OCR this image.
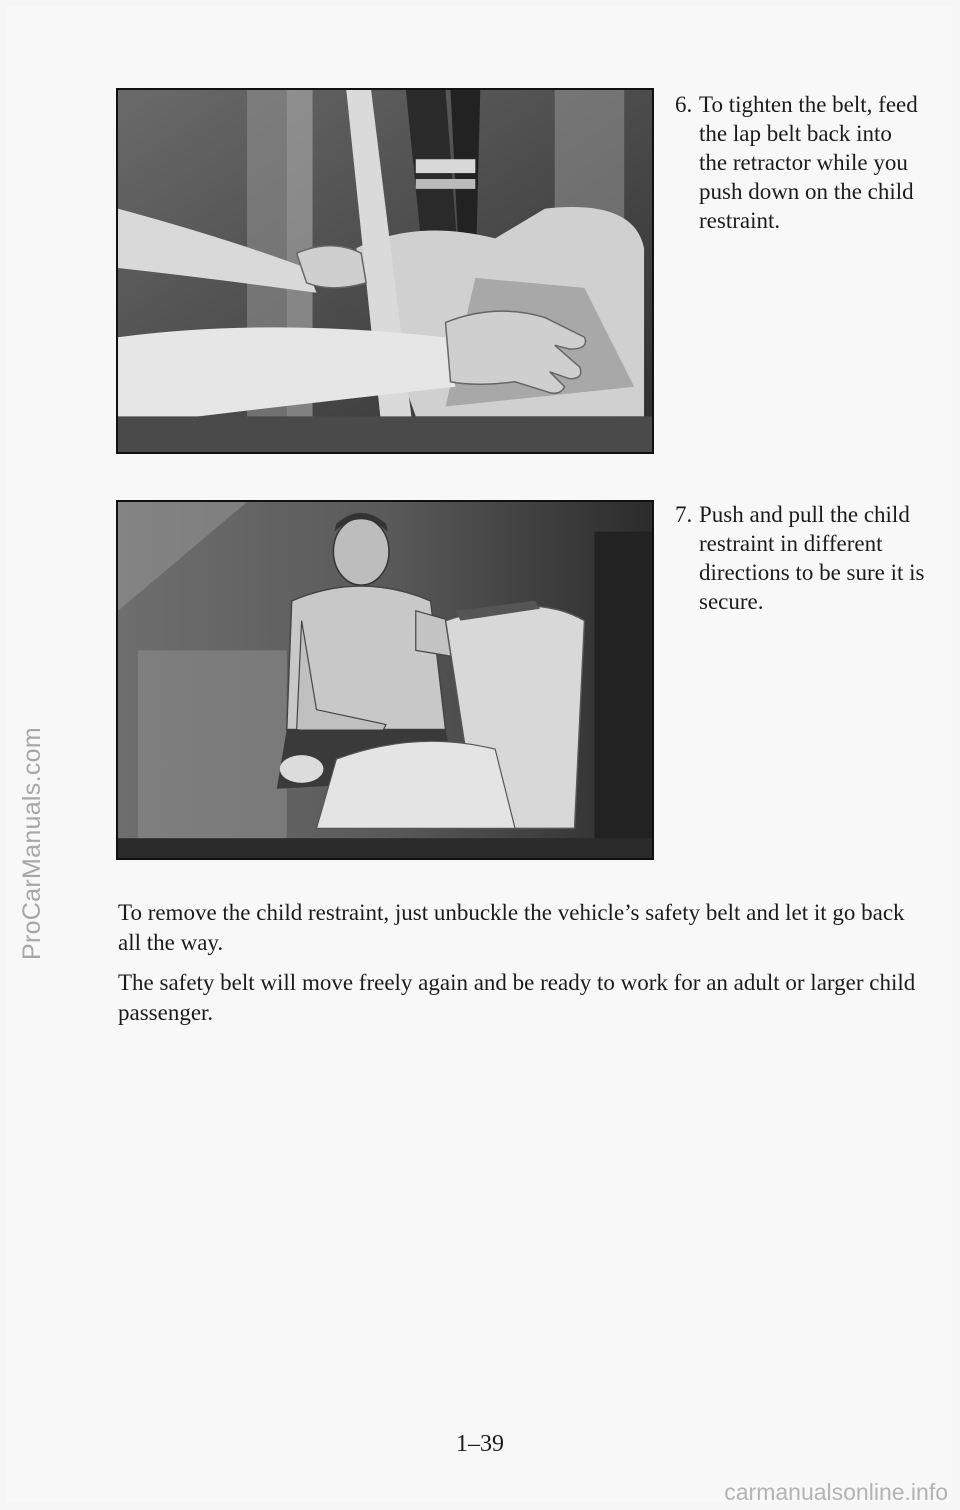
ProCarManuals.com
6. To tighten the belt, feed the lap belt back into the retractor while you push down on the child restraint.
7. Push and pull the child restraint in different directions to be sure it is secure.

To remove the child restraint, just unbuckle the vehicle’s safety belt and let it go back all the way.

The safety belt will move freely again and be ready to work for an adult or larger child passenger.

1–39
carmanualsonline.info
